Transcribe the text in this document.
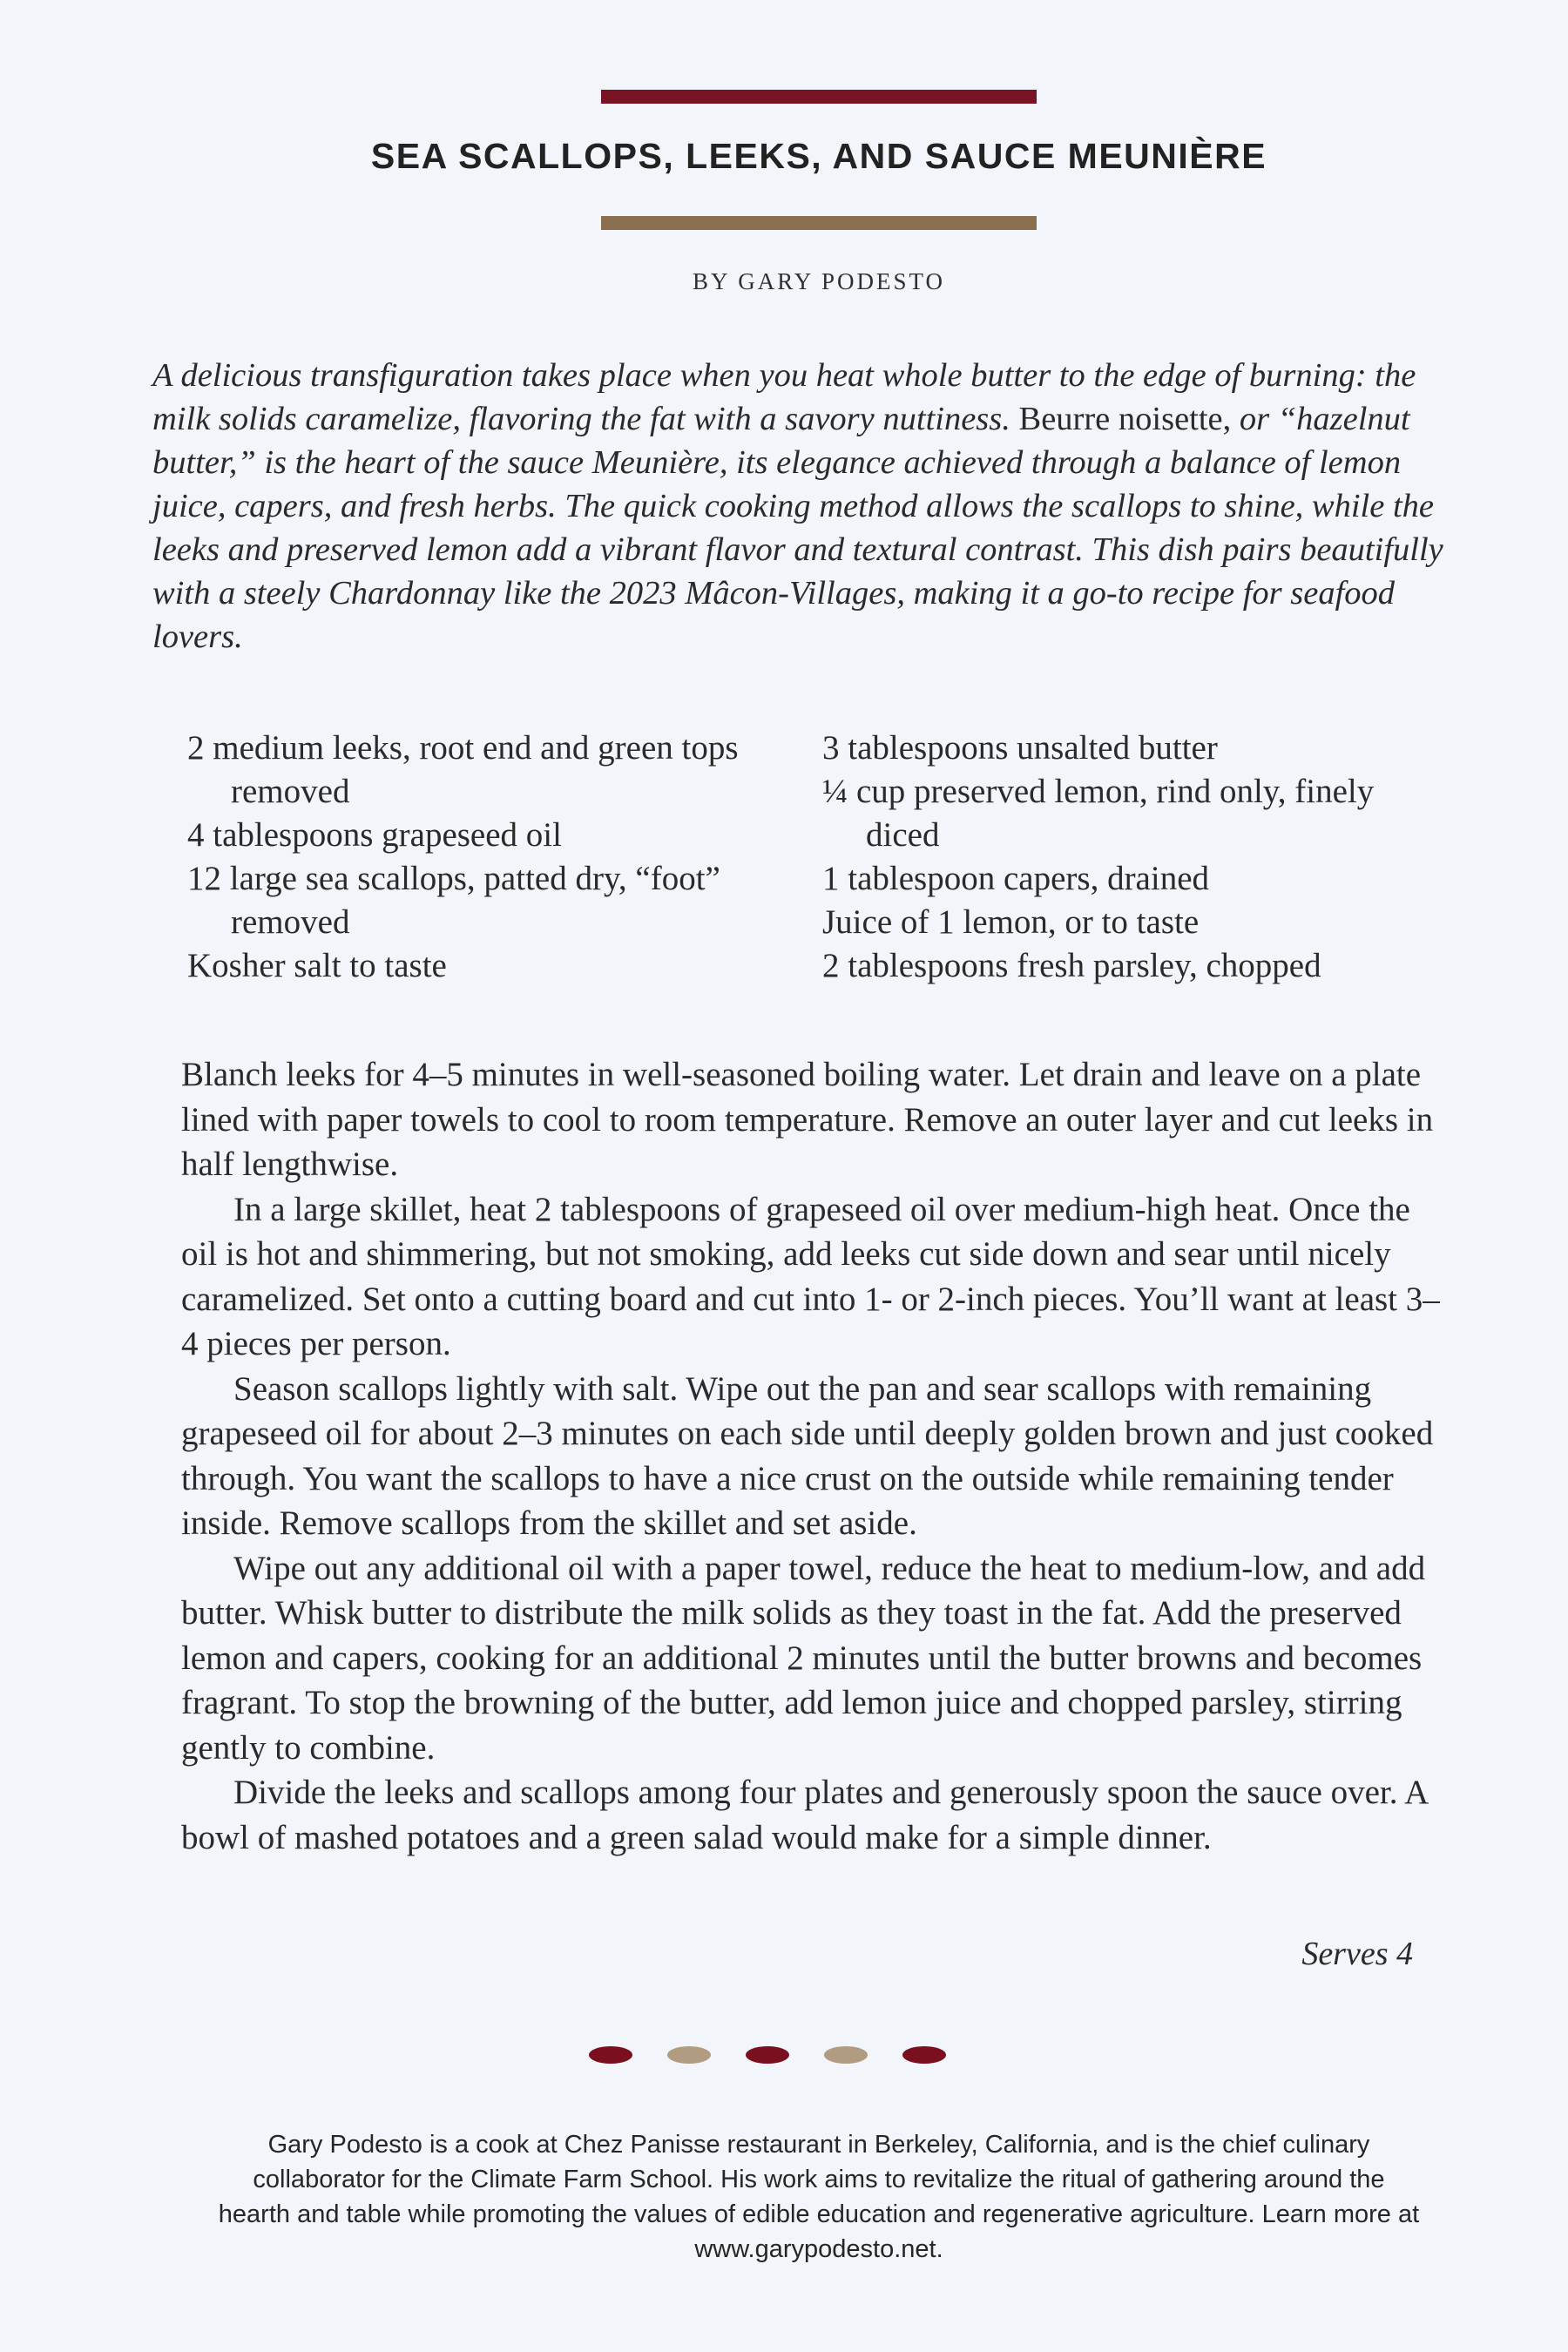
SEA SCALLOPS, LEEKS, AND SAUCE MEUNIÈRE
BY GARY PODESTO
A delicious transfiguration takes place when you heat whole butter to the edge of burning: the milk solids caramelize, flavoring the fat with a savory nuttiness. Beurre noisette, or “hazelnut butter,” is the heart of the sauce Meunière, its elegance achieved through a balance of lemon juice, capers, and fresh herbs. The quick cooking method allows the scallops to shine, while the leeks and preserved lemon add a vibrant flavor and textural contrast. This dish pairs beautifully with a steely Chardonnay like the 2023 Mâcon-Villages, making it a go-to recipe for seafood lovers.
2 medium leeks, root end and green tops removed
4 tablespoons grapeseed oil
12 large sea scallops, patted dry, “foot” removed
Kosher salt to taste
3 tablespoons unsalted butter
¼ cup preserved lemon, rind only, finely diced
1 tablespoon capers, drained
Juice of 1 lemon, or to taste
2 tablespoons fresh parsley, chopped

Blanch leeks for 4–5 minutes in well-seasoned boiling water. Let drain and leave on a plate lined with paper towels to cool to room temperature. Remove an outer layer and cut leeks in half lengthwise.

In a large skillet, heat 2 tablespoons of grapeseed oil over medium-high heat. Once the oil is hot and shimmering, but not smoking, add leeks cut side down and sear until nicely caramelized. Set onto a cutting board and cut into 1- or 2-inch pieces. You’ll want at least 3–4 pieces per person.

Season scallops lightly with salt. Wipe out the pan and sear scallops with remaining grapeseed oil for about 2–3 minutes on each side until deeply golden brown and just cooked through. You want the scallops to have a nice crust on the outside while remaining tender inside. Remove scallops from the skillet and set aside.

Wipe out any additional oil with a paper towel, reduce the heat to medium-low, and add butter. Whisk butter to distribute the milk solids as they toast in the fat. Add the preserved lemon and capers, cooking for an additional 2 minutes until the butter browns and becomes fragrant. To stop the browning of the butter, add lemon juice and chopped parsley, stirring gently to combine.

Divide the leeks and scallops among four plates and generously spoon the sauce over. A bowl of mashed potatoes and a green salad would make for a simple dinner.

Serves 4
Gary Podesto is a cook at Chez Panisse restaurant in Berkeley, California, and is the chief culinary collaborator for the Climate Farm School. His work aims to revitalize the ritual of gathering around the hearth and table while promoting the values of edible education and regenerative agriculture. Learn more at www.garypodesto.net.
